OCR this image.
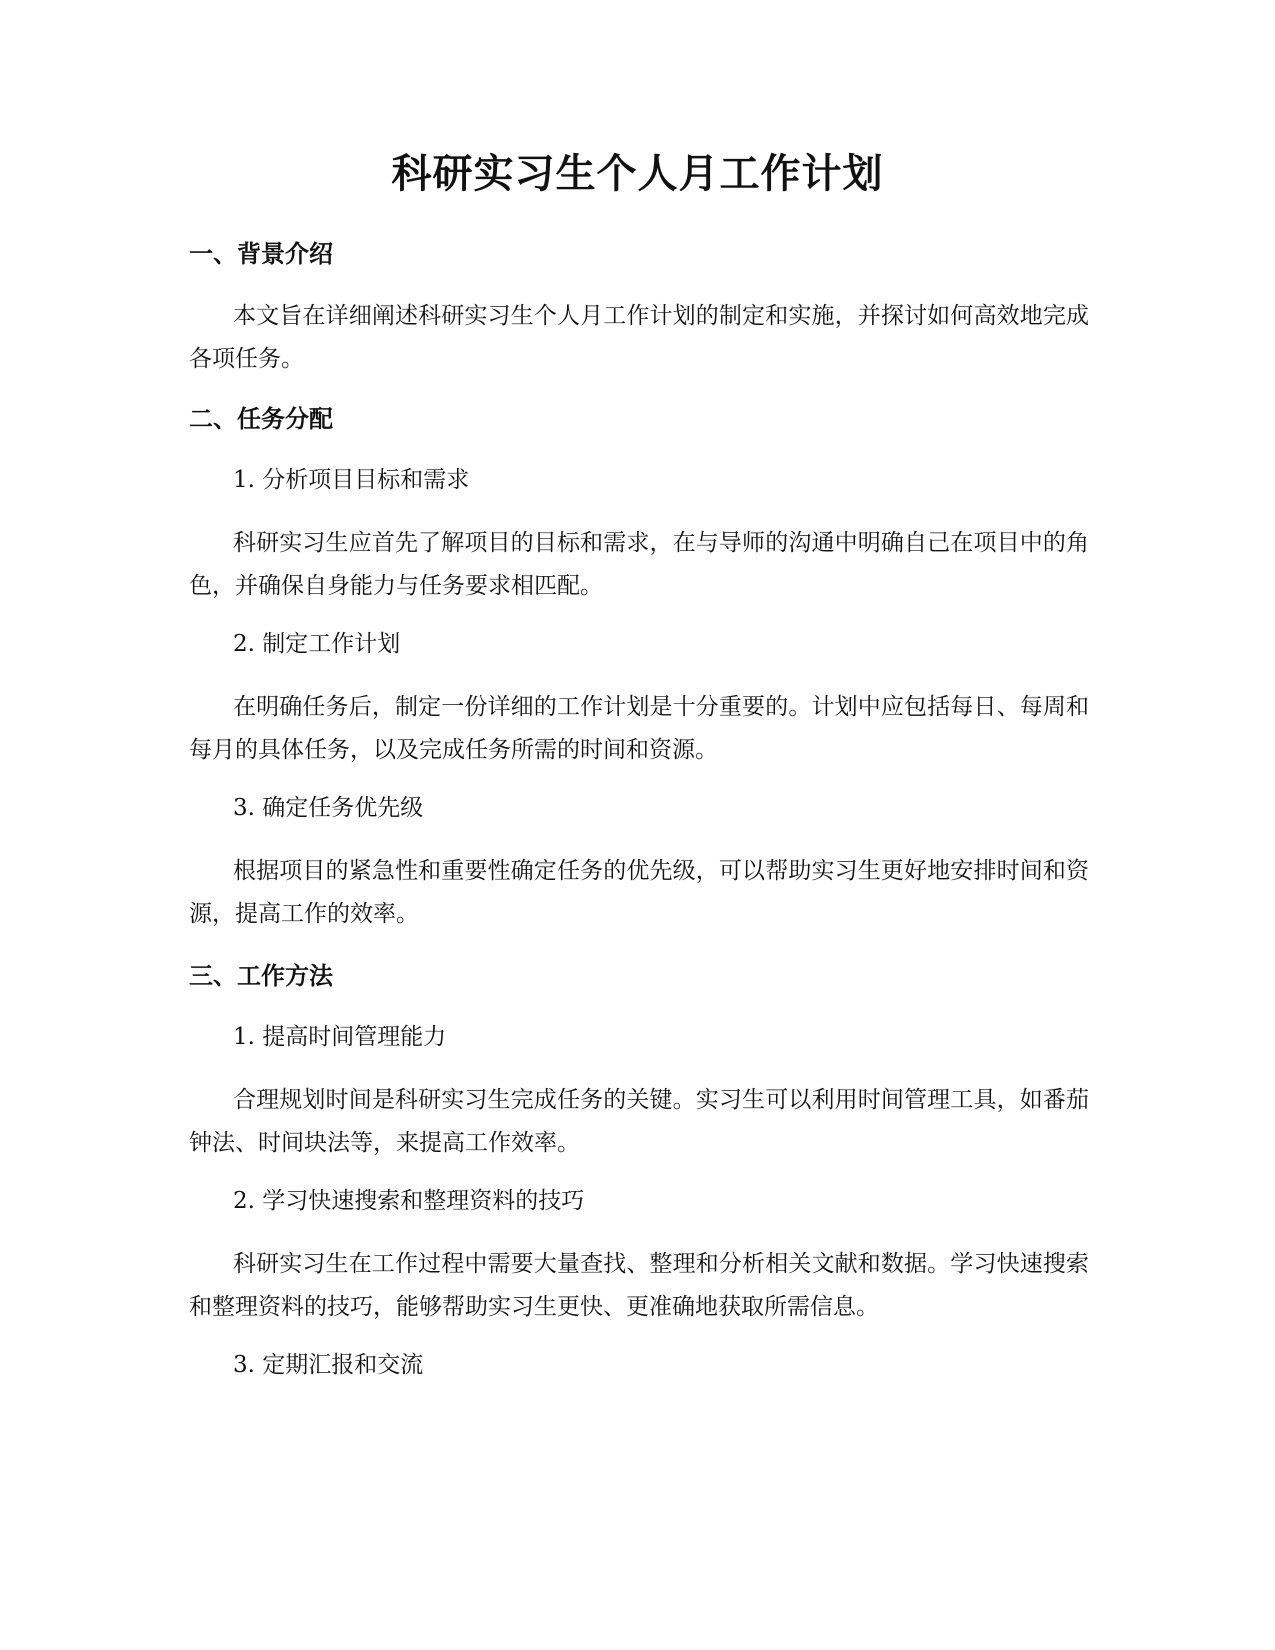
科研实习生个人月工作计划
一、背景介绍

本文旨在详细阐述科研实习生个人月工作计划的制定和实施，并探讨如何高效地完成各项任务。

二、任务分配

1. 分析项目目标和需求

科研实习生应首先了解项目的目标和需求，在与导师的沟通中明确自己在项目中的角色，并确保自身能力与任务要求相匹配。

2. 制定工作计划

在明确任务后，制定一份详细的工作计划是十分重要的。计划中应包括每日、每周和每月的具体任务，以及完成任务所需的时间和资源。

3. 确定任务优先级

根据项目的紧急性和重要性确定任务的优先级，可以帮助实习生更好地安排时间和资源，提高工作的效率。

三、工作方法

1. 提高时间管理能力

合理规划时间是科研实习生完成任务的关键。实习生可以利用时间管理工具，如番茄钟法、时间块法等，来提高工作效率。

2. 学习快速搜索和整理资料的技巧

科研实习生在工作过程中需要大量查找、整理和分析相关文献和数据。学习快速搜索和整理资料的技巧，能够帮助实习生更快、更准确地获取所需信息。

3. 定期汇报和交流
